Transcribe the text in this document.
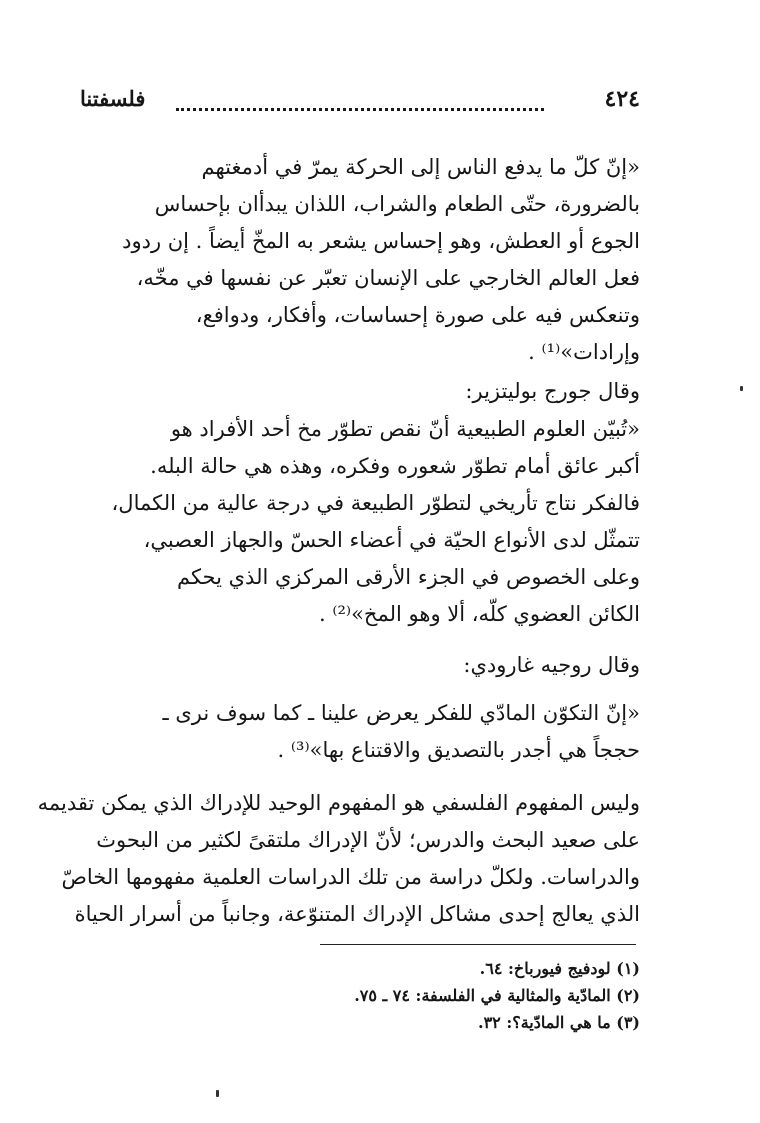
٤٢٤
فلسفتنا
«إنّ كلّ ما يدفع الناس إلى الحركة يمرّ في أدمغتهم
بالضرورة، حتّى الطعام والشراب، اللذان يبدأان بإحساس
الجوع أو العطش، وهو إحساس يشعر به المخّ أيضاً . إن ردود
فعل العالم الخارجي على الإنسان تعبّر عن نفسها في مخّه،
وتنعكس فيه على صورة إحساسات، وأفكار، ودوافع،
وإرادات»⁽¹⁾ .
وقال جورج بوليتزير:
«تُبيّن العلوم الطبيعية أنّ نقص تطوّر مخ أحد الأفراد هو
أكبر عائق أمام تطوّر شعوره وفكره، وهذه هي حالة البله.
فالفكر نتاج تأريخي لتطوّر الطبيعة في درجة عالية من الكمال،
تتمثّل لدى الأنواع الحيّة في أعضاء الحسّ والجهاز العصبي،
وعلى الخصوص في الجزء الأرقى المركزي الذي يحكم
الكائن العضوي كلّه، ألا وهو المخ»⁽²⁾ .
وقال روجيه غارودي:
«إنّ التكوّن المادّي للفكر يعرض علينا ـ كما سوف نرى ـ
حججاً هي أجدر بالتصديق والاقتناع بها»⁽³⁾ .
وليس المفهوم الفلسفي هو المفهوم الوحيد للإدراك الذي يمكن تقديمه
على صعيد البحث والدرس؛ لأنّ الإدراك ملتقىً لكثير من البحوث
والدراسات. ولكلّ دراسة من تلك الدراسات العلمية مفهومها الخاصّ
الذي يعالج إحدى مشاكل الإدراك المتنوّعة، وجانباً من أسرار الحياة
(١) لودفيج فيورباخ: ٦٤.
(٢) المادّية والمثالية في الفلسفة: ٧٤ ـ ٧٥.
(٣) ما هي المادّية؟: ٣٢.
